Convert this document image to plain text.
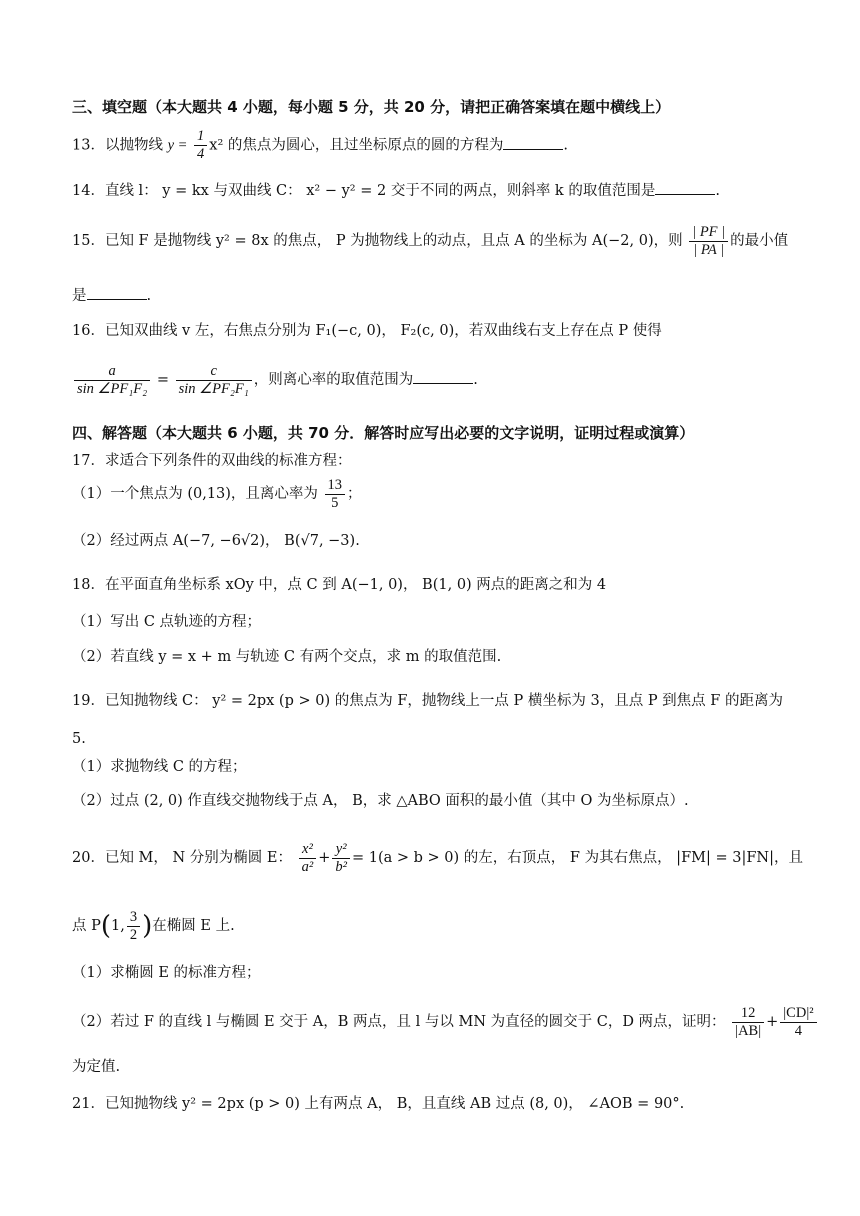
三、填空题（本大题共 4 小题，每小题 5 分，共 20 分，请把正确答案填在题中横线上）
13．以抛物线 $y = \frac{1}{4} x^2$ 的焦点为圆心，且过坐标原点的圆的方程为	.
14．直线 l： y = kx 与双曲线 C： x² − y² = 2 交于不同的两点，则斜率 k 的取值范围是	.
15．已知 F 是抛物线 y² = 8x 的焦点， P 为抛物线上的动点，且点 A 的坐标为 A(−2, 0)，则 $\frac{| PF |}{| PA |}$ 的最小值
是	.
16．已知双曲线 v 左，右焦点分别为 F₁(−c, 0)， F₂(c, 0)，若双曲线右支上存在点 P 使得
$\frac{a}{\text{sin ∠PF₁F₂}} = \frac{c}{\text{sin ∠PF₂F₁}}$ ，则离心率的取值范围为	.
四、解答题（本大题共 6 小题，共 70 分．解答时应写出必要的文字说明，证明过程或演算）
17．求适合下列条件的双曲线的标准方程：
（1）一个焦点为 (0,13)，且离心率为 $\frac{13}{5}$ ；
（2）经过两点 A(−7, −6√2)， B(√7, −3).
18．在平面直角坐标系 xOy 中，点 C 到 A(−1, 0)， B(1, 0) 两点的距离之和为 4
（1）写出 C 点轨迹的方程；
（2）若直线 y = x + m 与轨迹 C 有两个交点，求 m 的取值范围.
19．已知抛物线 C： y² = 2px (p > 0) 的焦点为 F，抛物线上一点 P 横坐标为 3，且点 P 到焦点 F 的距离为
5.
（1）求抛物线 C 的方程；
（2）过点 (2, 0) 作直线交抛物线于点 A， B，求 △ABO 面积的最小值（其中 O 为坐标原点）.
20．已知 M， N 分别为椭圆 E： $\frac{\text{x²}}{\text{a²}} + \frac{\text{y²}}{\text{b²}} = 1(a > b > 0)$ 的左，右顶点， F 为其右焦点， |FM| = 3|FN|，且
点 P(1, $\frac{3}{2}$ )在椭圆 E 上.
（1）求椭圆 E 的标准方程；
（2）若过 F 的直线 l 与椭圆 E 交于 A，B 两点，且 l 与以 MN 为直径的圆交于 C，D 两点，证明： $\frac{12}{|AB|} + \frac{\text{|CD|²}}{4}$
为定值.
21．已知抛物线 y² = 2px (p > 0) 上有两点 A， B，且直线 AB 过点 (8, 0)， ∠AOB = 90°.
